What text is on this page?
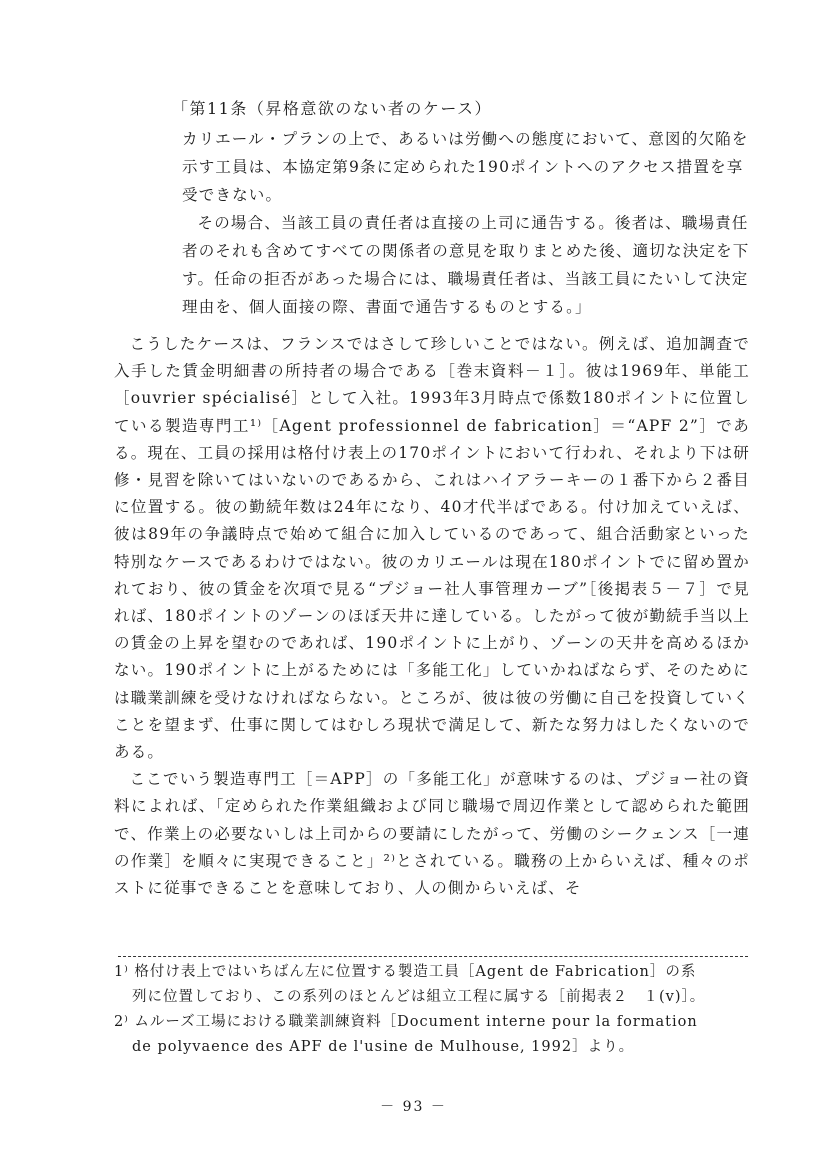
「第11条（昇格意欲のない者のケース）

カリエール・プランの上で、あるいは労働への態度において、意図的欠陥を示す工員は、本協定第9条に定められた190ポイントへのアクセス措置を享受できない。

その場合、当該工員の責任者は直接の上司に通告する。後者は、職場責任者のそれも含めてすべての関係者の意見を取りまとめた後、適切な決定を下す。任命の拒否があった場合には、職場責任者は、当該工員にたいして決定理由を、個人面接の際、書面で通告するものとする。」

こうしたケースは、フランスではさして珍しいことではない。例えば、追加調査で入手した賃金明細書の所持者の場合である［巻末資料－１］。彼は1969年、単能工［ouvrier spécialisé］として入社。1993年3月時点で係数180ポイントに位置している製造専門工¹⁾［Agent professionnel de fabrication］＝“APF 2”］である。現在、工員の採用は格付け表上の170ポイントにおいて行われ、それより下は研修・見習を除いてはいないのであるから、これはハイアラーキーの１番下から２番目に位置する。彼の勤続年数は24年になり、40才代半ばである。付け加えていえば、彼は89年の争議時点で始めて組合に加入しているのであって、組合活動家といった特別なケースであるわけではない。彼のカリエールは現在180ポイントでに留め置かれており、彼の賃金を次項で見る“プジョー社人事管理カーブ”［後掲表５－７］で見れば、180ポイントのゾーンのほぼ天井に達している。したがって彼が勤続手当以上の賃金の上昇を望むのであれば、190ポイントに上がり、ゾーンの天井を高めるほかない。190ポイントに上がるためには「多能工化」していかねばならず、そのためには職業訓練を受けなければならない。ところが、彼は彼の労働に自己を投資していくことを望まず、仕事に関してはむしろ現状で満足して、新たな努力はしたくないのである。

ここでいう製造専門工［＝APP］の「多能工化」が意味するのは、プジョー社の資料によれば、「定められた作業組織および同じ職場で周辺作業として認められた範囲で、作業上の必要ないしは上司からの要請にしたがって、労働のシークェンス［一連の作業］を順々に実現できること」²⁾とされている。職務の上からいえば、種々のポストに従事できることを意味しており、人の側からいえば、そ

1⁾ 格付け表上ではいちばん左に位置する製造工員［Agent de Fabrication］の系

列に位置しており、この系列のほとんどは組立工程に属する［前掲表２　１(v)］。

2⁾ ムルーズ工場における職業訓練資料［Document interne pour la formation

de polyvaence des APF de l'usine de Mulhouse, 1992］より。

－ 93 －
